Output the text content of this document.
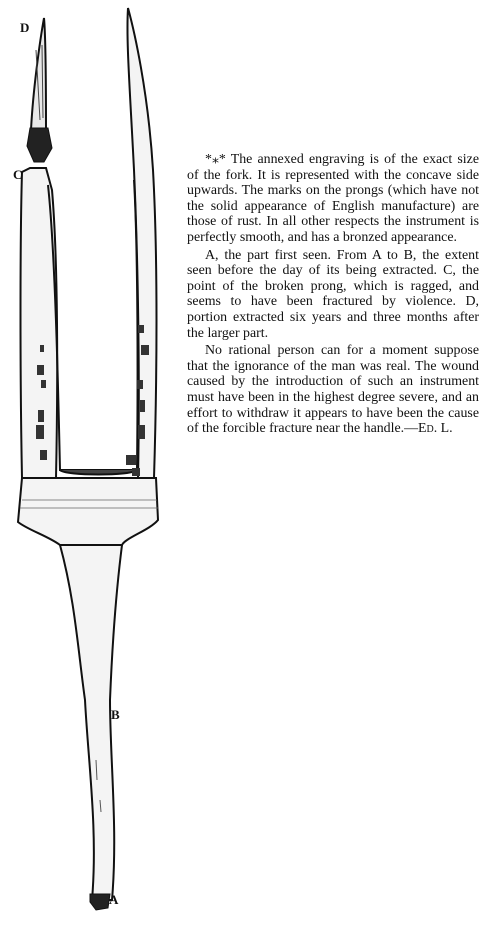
D
C
B
A

*⁎* The annexed engraving is of the exact size of the fork. It is represented with the concave side upwards. The marks on the prongs (which have not the solid appearance of English manufacture) are those of rust. In all other respects the instrument is perfectly smooth, and has a bronzed appearance.

A, the part first seen. From A to B, the extent seen before the day of its being extracted. C, the point of the broken prong, which is ragged, and seems to have been fractured by violence. D, portion extracted six years and three months after the larger part.

No rational person can for a moment suppose that the ignorance of the man was real. The wound caused by the introduction of such an instrument must have been in the highest degree severe, and an effort to withdraw it appears to have been the cause of the forcible fracture near the handle.—Ed. L.
